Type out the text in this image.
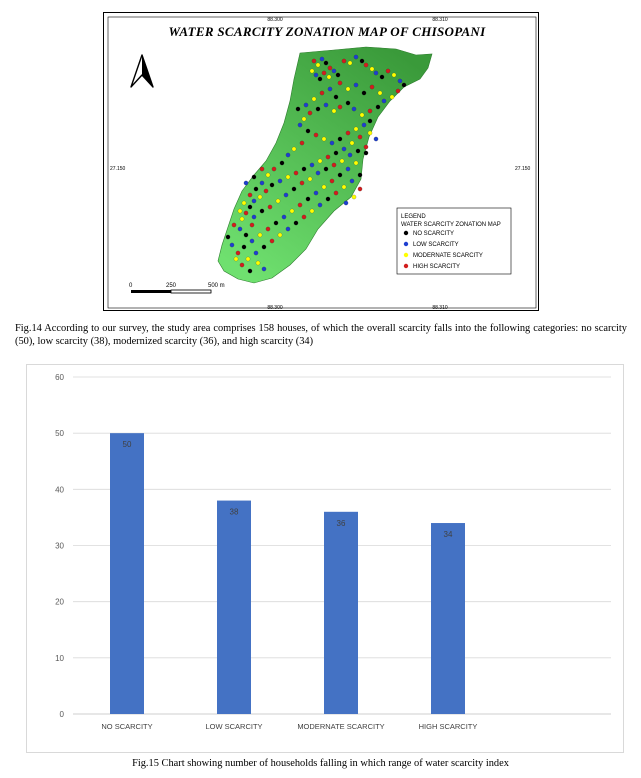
88.300	88.310
88.300	88.310
27.150	27.150
WATER SCARCITY ZONATION MAP OF CHISOPANI
0	250	500 m
LEGEND
WATER SCARCITY ZONATION MAP
NO SCARCITY
LOW SCARCITY
MODERNATE SCARCITY
HIGH SCARCITY
Fig.14 According to our survey, the study area comprises 158 houses, of which the overall scarcity falls into the following categories: no scarcity (50), low scarcity (38), modernized scarcity (36), and high scarcity (34)
0
10
20
30
40
50
60
50
NO SCARCITY
38
LOW SCARCITY
36
MODERNATE SCARCITY
34
HIGH SCARCITY
Fig.15 Chart showing number of households falling in which range of water scarcity index
